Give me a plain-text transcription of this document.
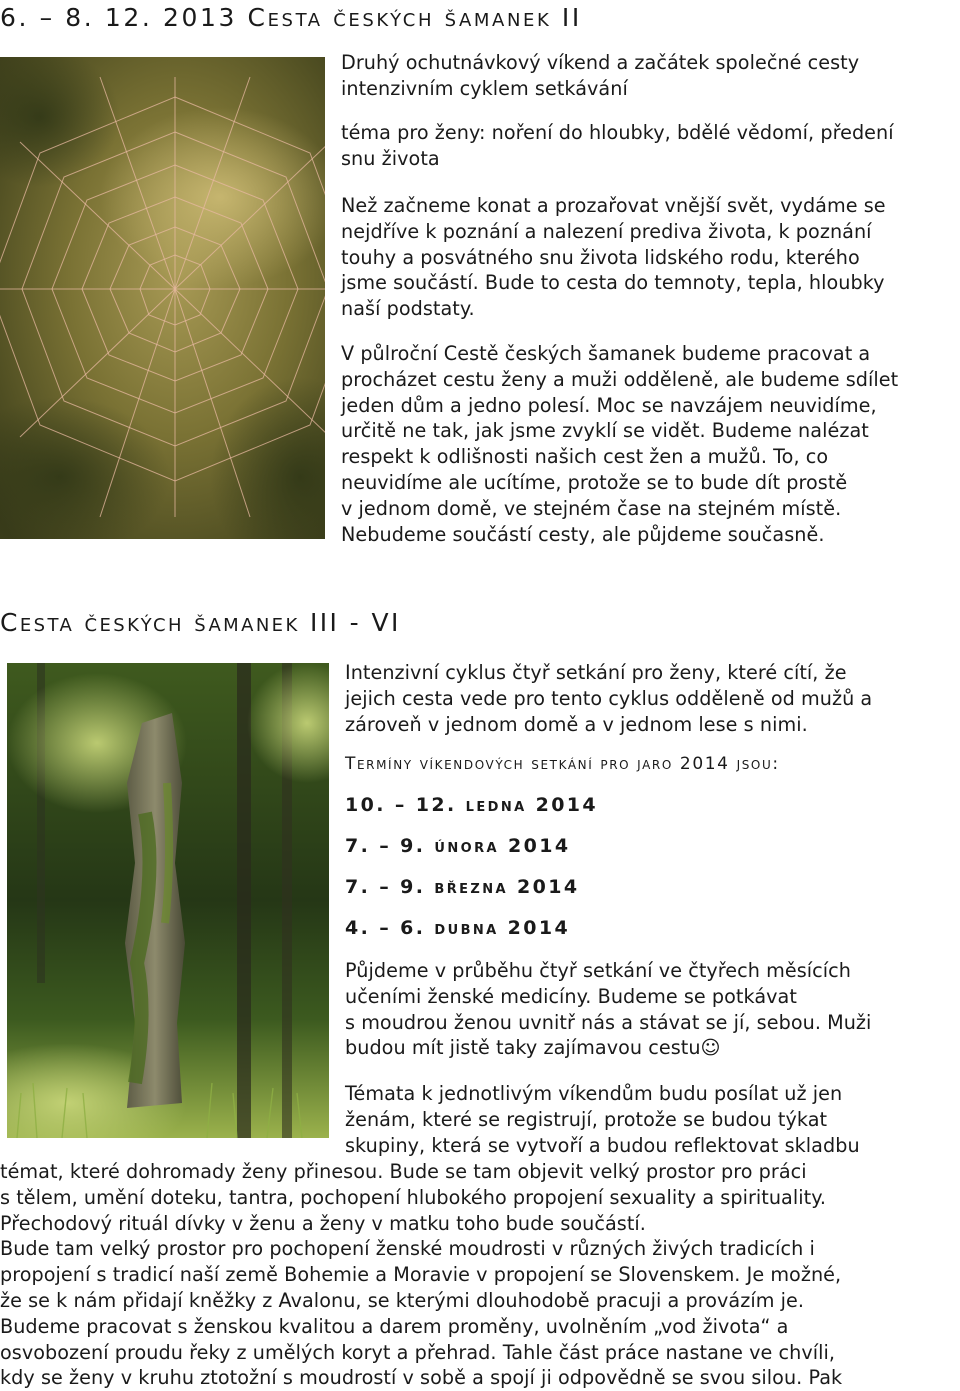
6. – 8. 12. 2013 Cesta českých šamanek II

Druhý ochutnávkový víkend a začátek společné cesty
intenzivním cyklem setkávání

téma pro ženy: noření do hloubky, bdělé vědomí, předení
snu života

Než začneme konat a prozařovat vnější svět, vydáme se
nejdříve k poznání a nalezení prediva života, k poznání
touhy a posvátného snu života lidského rodu, kterého
jsme součástí. Bude to cesta do temnoty, tepla, hloubky
naší podstaty.

V půlroční Cestě českých šamanek budeme pracovat a
procházet cestu ženy a muži odděleně, ale budeme sdílet
jeden dům a jedno polesí. Moc se navzájem neuvidíme,
určitě ne tak, jak jsme zvyklí se vidět. Budeme nalézat
respekt k odlišnosti našich cest žen a mužů. To, co
neuvidíme ale ucítíme, protože se to bude dít prostě
v jednom domě, ve stejném čase na stejném místě.
Nebudeme součástí cesty, ale půjdeme současně.

Cesta českých šamanek III - VI

Intenzivní cyklus čtyř setkání pro ženy, které cítí, že
jejich cesta vede pro tento cyklus odděleně od mužů a
zároveň v jednom domě a v jednom lese s nimi.

Termíny víkendových setkání pro jaro 2014 jsou:

10. – 12. ledna 2014

7. – 9. února 2014

7. – 9. března 2014

4. – 6. dubna 2014

Půjdeme v průběhu čtyř setkání ve čtyřech měsících
učeními ženské medicíny. Budeme se potkávat
s moudrou ženou uvnitř nás a stávat se jí, sebou. Muži
budou mít jistě taky zajímavou cestu☺

Témata k jednotlivým víkendům budu posílat už jen
ženám, které se registrují, protože se budou týkat
skupiny, která se vytvoří a budou reflektovat skladbu

témat, které dohromady ženy přinesou. Bude se tam objevit velký prostor pro práci
s tělem, umění doteku, tantra, pochopení hlubokého propojení sexuality a spirituality.
Přechodový rituál dívky v ženu a ženy v matku toho bude součástí.
Bude tam velký prostor pro pochopení ženské moudrosti v různých živých tradicích i
propojení s tradicí naší země Bohemie a Moravie v propojení se Slovenskem. Je možné,
že se k nám přidají kněžky z Avalonu, se kterými dlouhodobě pracuji a provázím je.
Budeme pracovat s ženskou kvalitou a darem proměny, uvolněním „vod života“ a
osvobození proudu řeky z umělých koryt a přehrad. Tahle část práce nastane ve chvíli,
kdy se ženy v kruhu ztotožní s moudrostí v sobě a spojí ji odpovědně se svou silou. Pak
